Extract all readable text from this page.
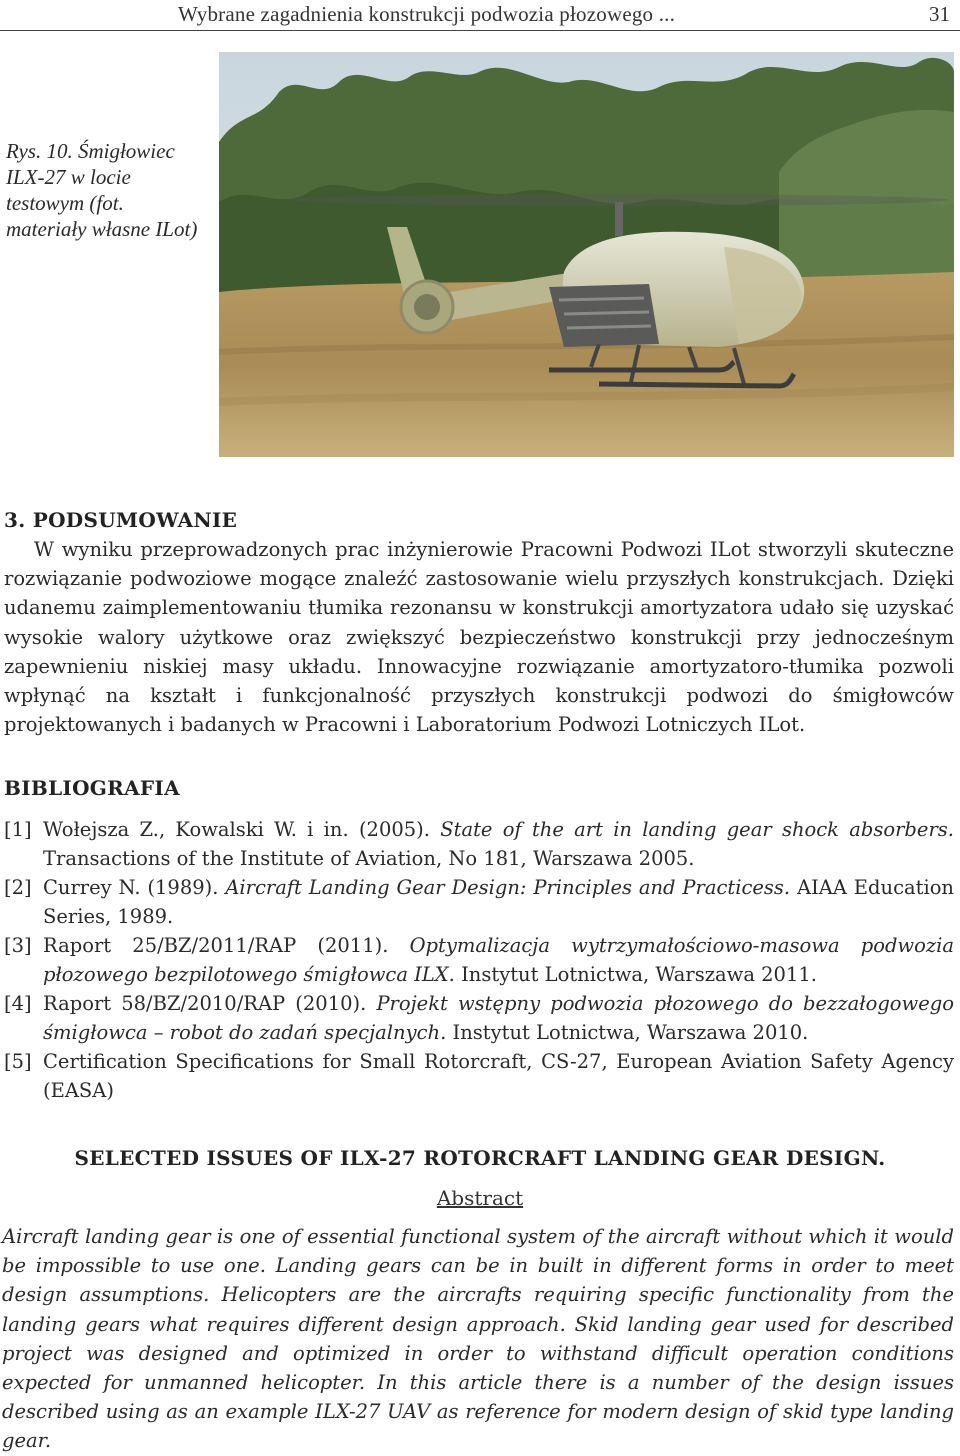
Wybrane zagadnienia konstrukcji podwozia płozowego ...	31
Rys. 10. Śmigłowiec ILX-27 w locie testowym (fot. materiały własne ILot)
3. PODSUMOWANIE

W wyniku przeprowadzonych prac inżynierowie Pracowni Podwozi ILot stworzyli skuteczne rozwiązanie podwoziowe mogące znaleźć zastosowanie wielu przyszłych konstrukcjach. Dzięki udanemu zaimplementowaniu tłumika rezonansu w konstrukcji amortyzatora udało się uzyskać wysokie walory użytkowe oraz zwiększyć bezpieczeństwo konstrukcji przy jednocześnym zapewnieniu niskiej masy układu. Innowacyjne rozwiązanie amortyzatoro-tłumika pozwoli wpłynąć na kształt i funkcjonalność przyszłych konstrukcji podwozi do śmigłowców projektowanych i badanych w Pracowni i Laboratorium Podwozi Lotniczych ILot.

BIBLIOGRAFIA
[1] Wołejsza Z., Kowalski W. i in. (2005). State of the art in landing gear shock absorbers. Transactions of the Institute of Aviation, No 181, Warszawa 2005.
[2] Currey N. (1989). Aircraft Landing Gear Design: Principles and Practicess. AIAA Education Series, 1989.
[3] Raport 25/BZ/2011/RAP (2011). Optymalizacja wytrzymałościowo-masowa podwozia płozowego bezpilotowego śmigłowca ILX. Instytut Lotnictwa, Warszawa 2011.
[4] Raport 58/BZ/2010/RAP (2010). Projekt wstępny podwozia płozowego do bezzałogowego śmigłowca – robot do zadań specjalnych. Instytut Lotnictwa, Warszawa 2010.
[5] Certification Specifications for Small Rotorcraft, CS-27, European Aviation Safety Agency (EASA)
SELECTED ISSUES OF ILX-27 ROTORCRAFT LANDING GEAR DESIGN.
Abstract

Aircraft landing gear is one of essential functional system of the aircraft without which it would be impossible to use one. Landing gears can be in built in different forms in order to meet design assumptions. Helicopters are the aircrafts requiring specific functionality from the landing gears what requires different design approach. Skid landing gear used for described project was designed and optimized in order to withstand difficult operation conditions expected for unmanned helicopter. In this article there is a number of the design issues described using as an example ILX-27 UAV as reference for modern design of skid type landing gear.
